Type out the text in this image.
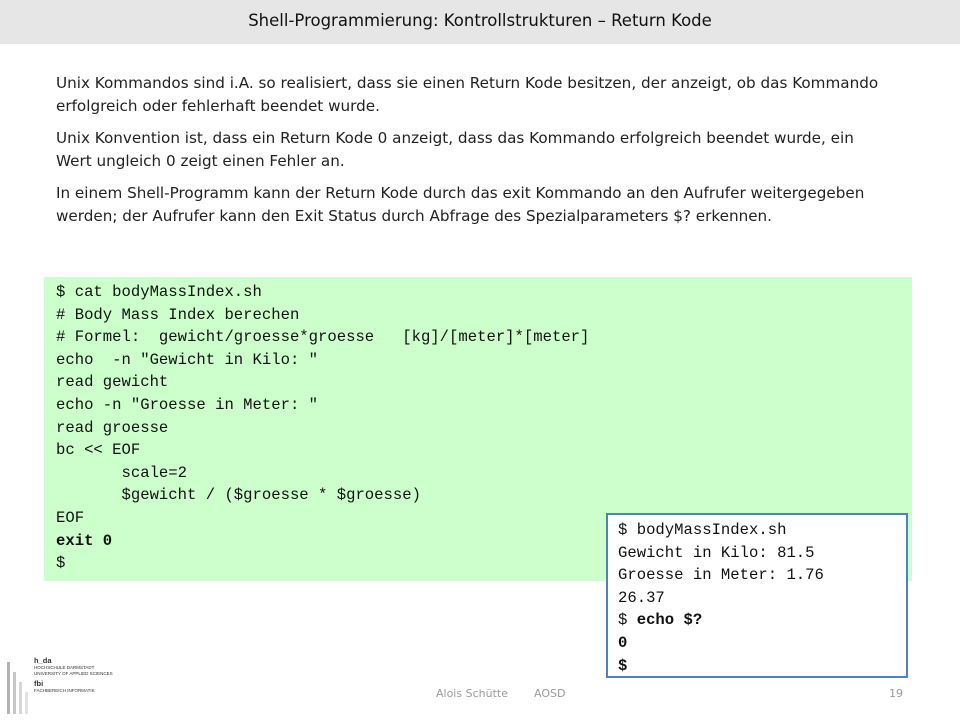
Shell-Programmierung: Kontrollstrukturen – Return Kode

Unix Kommandos sind i.A. so realisiert, dass sie einen Return Kode besitzen, der anzeigt, ob das Kommando erfolgreich oder fehlerhaft beendet wurde.

Unix Konvention ist, dass ein Return Kode 0 anzeigt, dass das Kommando erfolgreich beendet wurde, ein Wert ungleich 0 zeigt einen Fehler an.

In einem Shell-Programm kann der Return Kode durch das exit Kommando an den Aufrufer weitergegeben werden; der Aufrufer kann den Exit Status durch Abfrage des Spezialparameters $? erkennen.

$ cat bodyMassIndex.sh
# Body Mass Index berechen
# Formel:  gewicht/groesse*groesse   [kg]/[meter]*[meter]
echo  -n "Gewicht in Kilo: "
read gewicht
echo -n "Groesse in Meter: "
read groesse
bc << EOF
scale=2
$gewicht / ($groesse * $groesse)
EOF
exit 0
$
$ bodyMassIndex.sh
Gewicht in Kilo: 81.5
Groesse in Meter: 1.76
26.37
$ echo $?
0
$
h_da
HOCHSCHULE DARMSTADT
UNIVERSITY OF APPLIED SCIENCES
fbi
FACHBEREICH INFORMATIK	Alois Schütte AOSD	19
